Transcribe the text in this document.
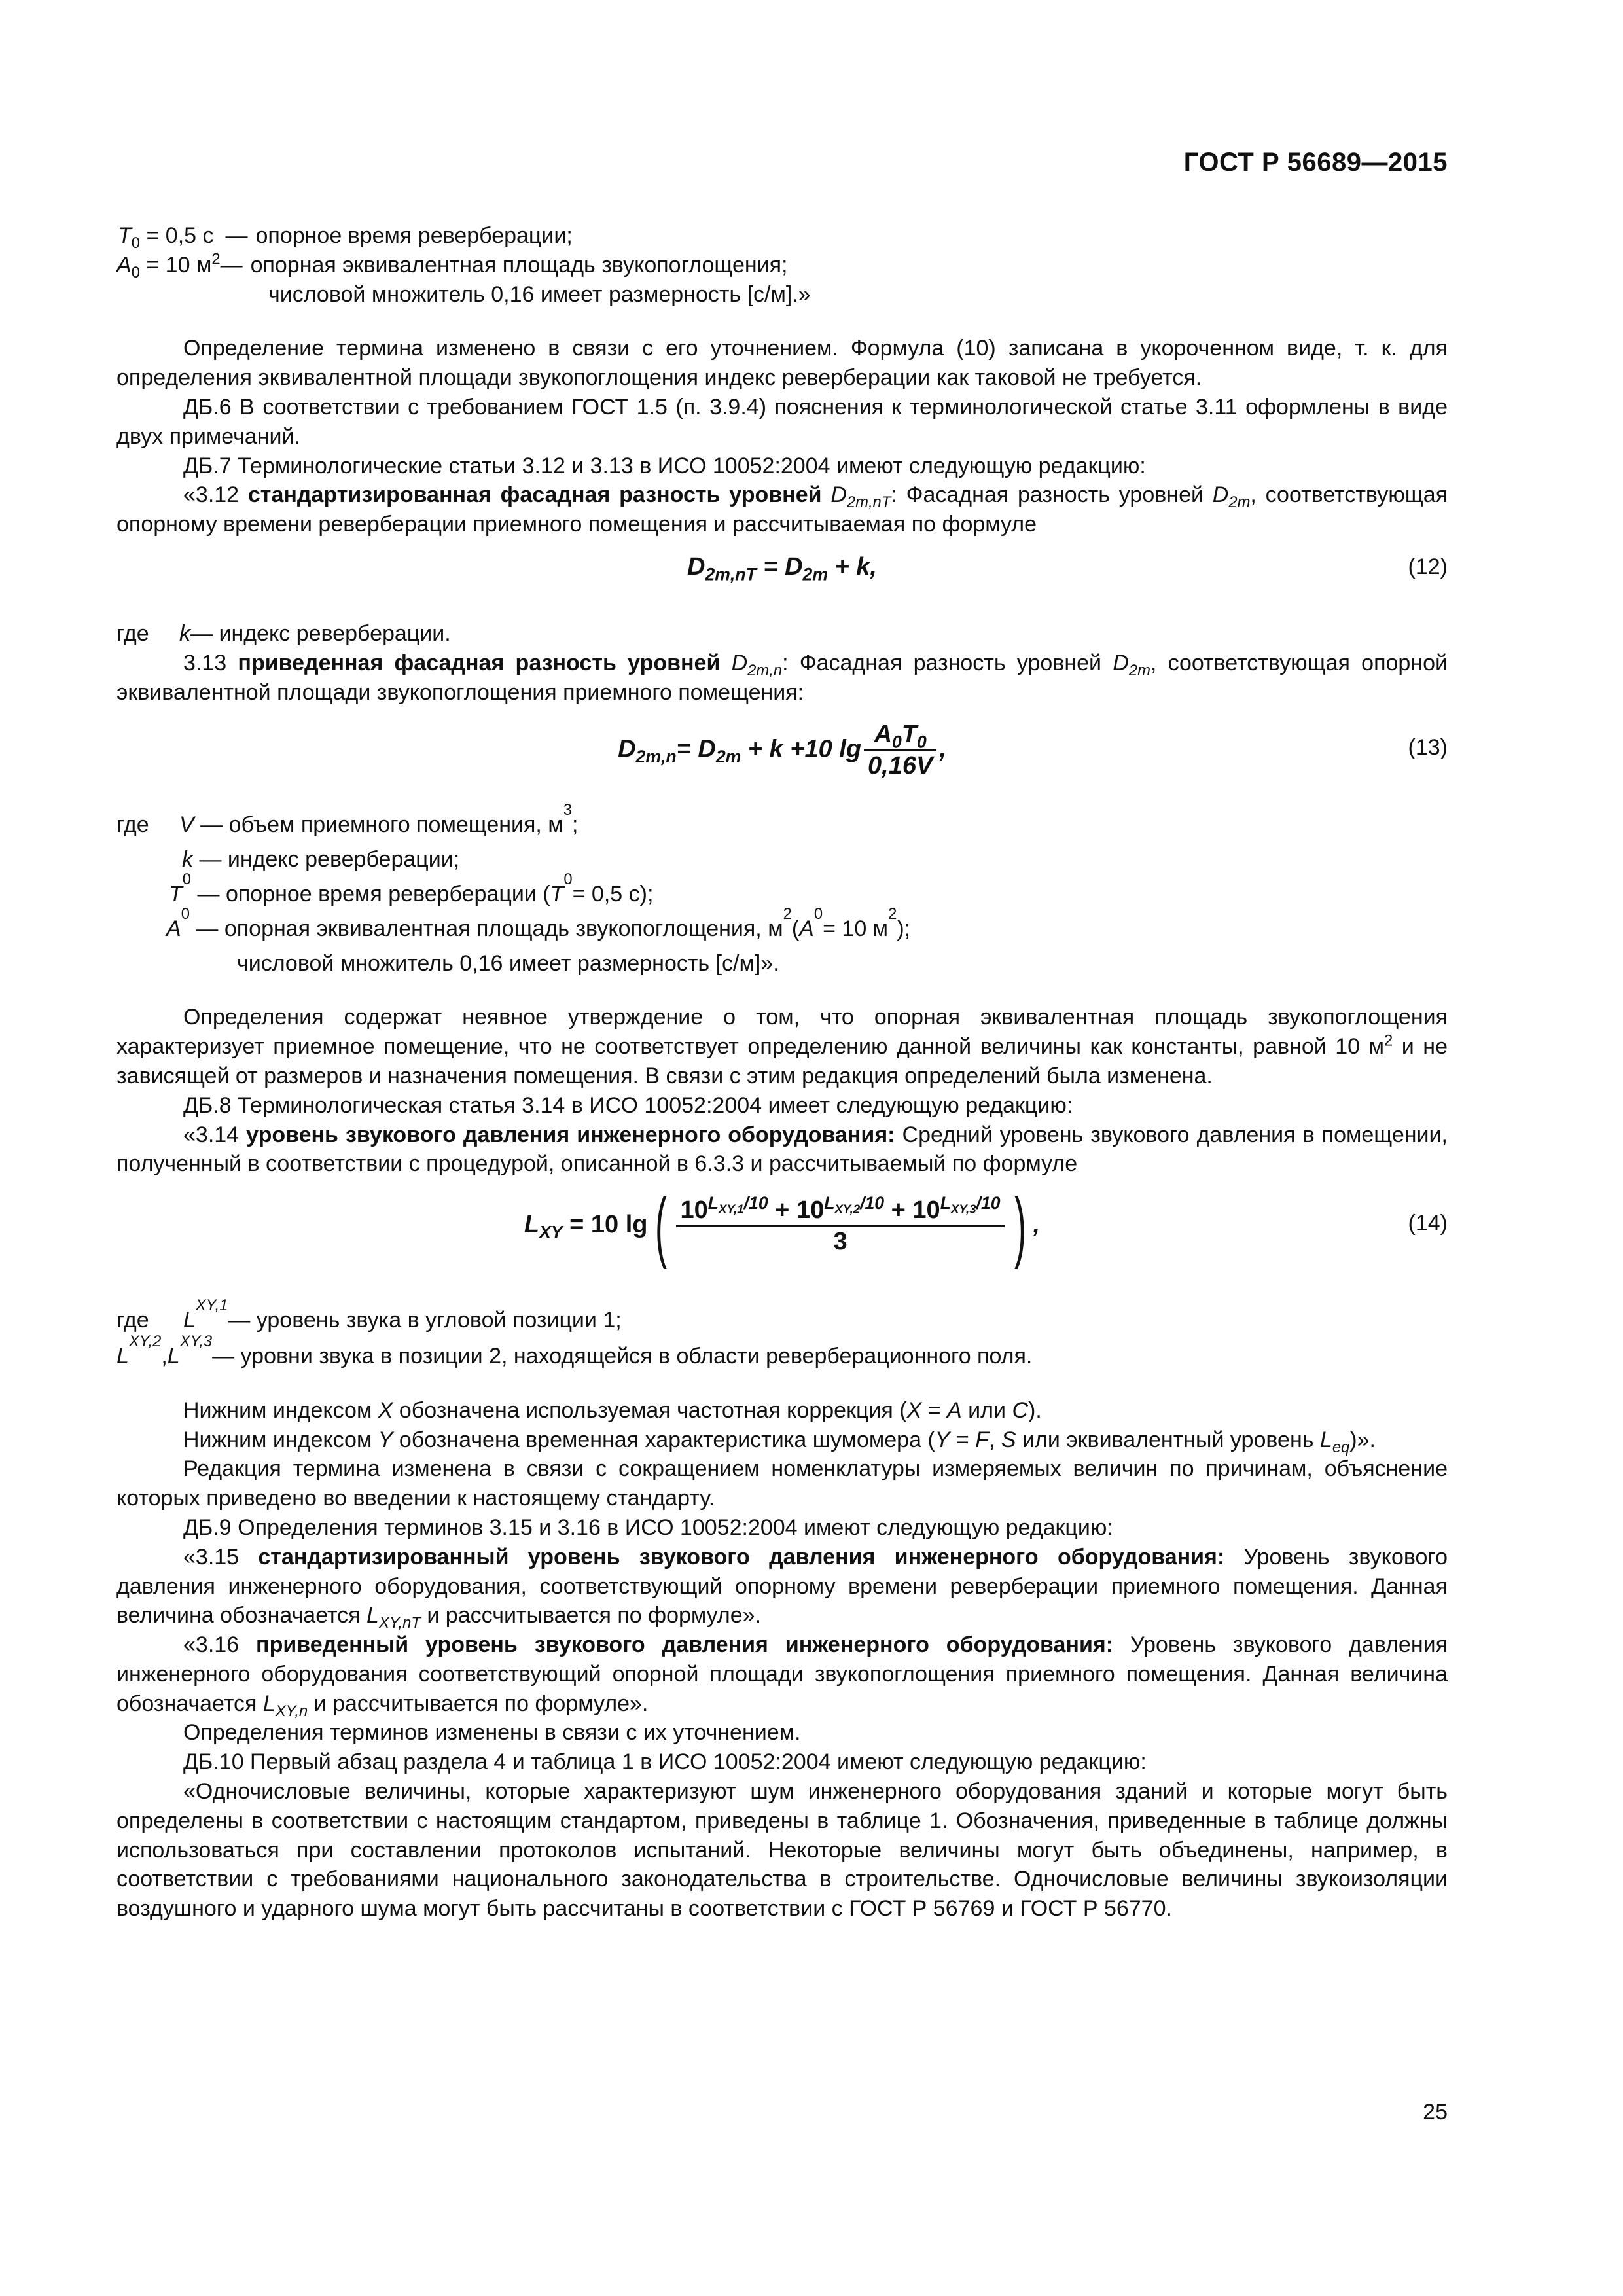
ГОСТ Р 56689—2015
$T_0 = 0,5$ с — опорное время реверберации;
$A_0 = 10$ $м^2$ — опорная эквивалентная площадь звукопоглощения;

числовой множитель 0,16 имеет размерность [с/м].»

Определение термина изменено в связи с его уточнением. Формула (10) записана в укороченном виде, т. к. для определения эквивалентной площади звукопоглощения индекс реверберации как таковой не требуется.

ДБ.6 В соответствии с требованием ГОСТ 1.5 (п. 3.9.4) пояснения к терминологической статье 3.11 оформлены в виде двух примечаний.

ДБ.7 Терминологические статьи 3.12 и 3.13 в ИСО 10052:2004 имеют следующую редакцию:

«3.12 стандартизированная фасадная разность уровней $D_{2m,nT}$: Фасадная разность уровней $D_{2m}$, соответствующая опорному времени реверберации приемного помещения и рассчитываемая по формуле

$D_{2m,nT} = D_{2m} + k$,	(12)
где	k — индекс реверберации.

3.13 приведенная фасадная разность уровней $D_{2m,n}$: Фасадная разность уровней $D_{2m}$, соответствующая опорной эквивалентной площади звукопоглощения приемного помещения:

$D_{2m,n}= D_{2m} + k +10$ $\lg \frac{A_0T_0}{0,16V}$ ,	(13)
где	V — объем приемного помещения, м
3
;
k — индекс реверберации;
T
0
— опорное время реверберации ( T
0
= 0,5 с);
A
0
— опорная эквивалентная площадь звукопоглощения, м
2
( A
0
= 10 м
2
);

числовой множитель 0,16 имеет размерность [с/м]».

Определения содержат неявное утверждение о том, что опорная эквивалентная площадь звукопоглощения характеризует приемное помещение, что не соответствует определению данной величины как константы, равной 10 $м^2$ и не зависящей от размеров и назначения помещения. В связи с этим редакция определений была изменена.

ДБ.8 Терминологическая статья 3.14 в ИСО 10052:2004 имеет следующую редакцию:

«3.14 уровень звукового давления инженерного оборудования: Средний уровень звукового давления в помещении, полученный в соответствии с процедурой, описанной в 6.3.3 и рассчитываемый по формуле

$L_{XY} = 10$ $\lg( \frac{10^{L_{XY,1}/10} + 10^{L_{XY,2}/10} + 10^{L_{XY,3}/10}}{3}$ ) ,	(14)
где	L
XY,1
— уровень звука в угловой позиции 1;
L
XY,2
, L
XY,3
— уровни звука в позиции 2, находящейся в области реверберационного поля.

Нижним индексом X обозначена используемая частотная коррекция (X = A или C).

Нижним индексом Y обозначена временная характеристика шумомера (Y = F, S или эквивалентный уровень $L_{eq}$)».

Редакция термина изменена в связи с сокращением номенклатуры измеряемых величин по причинам, объяснение которых приведено во введении к настоящему стандарту.

ДБ.9 Определения терминов 3.15 и 3.16 в ИСО 10052:2004 имеют следующую редакцию:

«3.15 стандартизированный уровень звукового давления инженерного оборудования: Уровень звукового давления инженерного оборудования, соответствующий опорному времени реверберации приемного помещения. Данная величина обозначается $L_{XY,nT}$ и рассчитывается по формуле».

«3.16 приведенный уровень звукового давления инженерного оборудования: Уровень звукового давления инженерного оборудования соответствующий опорной площади звукопоглощения приемного помещения. Данная величина обозначается $L_{XY,n}$ и рассчитывается по формуле».

Определения терминов изменены в связи с их уточнением.

ДБ.10 Первый абзац раздела 4 и таблица 1 в ИСО 10052:2004 имеют следующую редакцию:

«Одночисловые величины, которые характеризуют шум инженерного оборудования зданий и которые могут быть определены в соответствии с настоящим стандартом, приведены в таблице 1. Обозначения, приведенные в таблице должны использоваться при составлении протоколов испытаний. Некоторые величины могут быть объединены, например, в соответствии с требованиями национального законодательства в строительстве. Одночисловые величины звукоизоляции воздушного и ударного шума могут быть рассчитаны в соответствии с ГОСТ Р 56769 и ГОСТ Р 56770.

25
